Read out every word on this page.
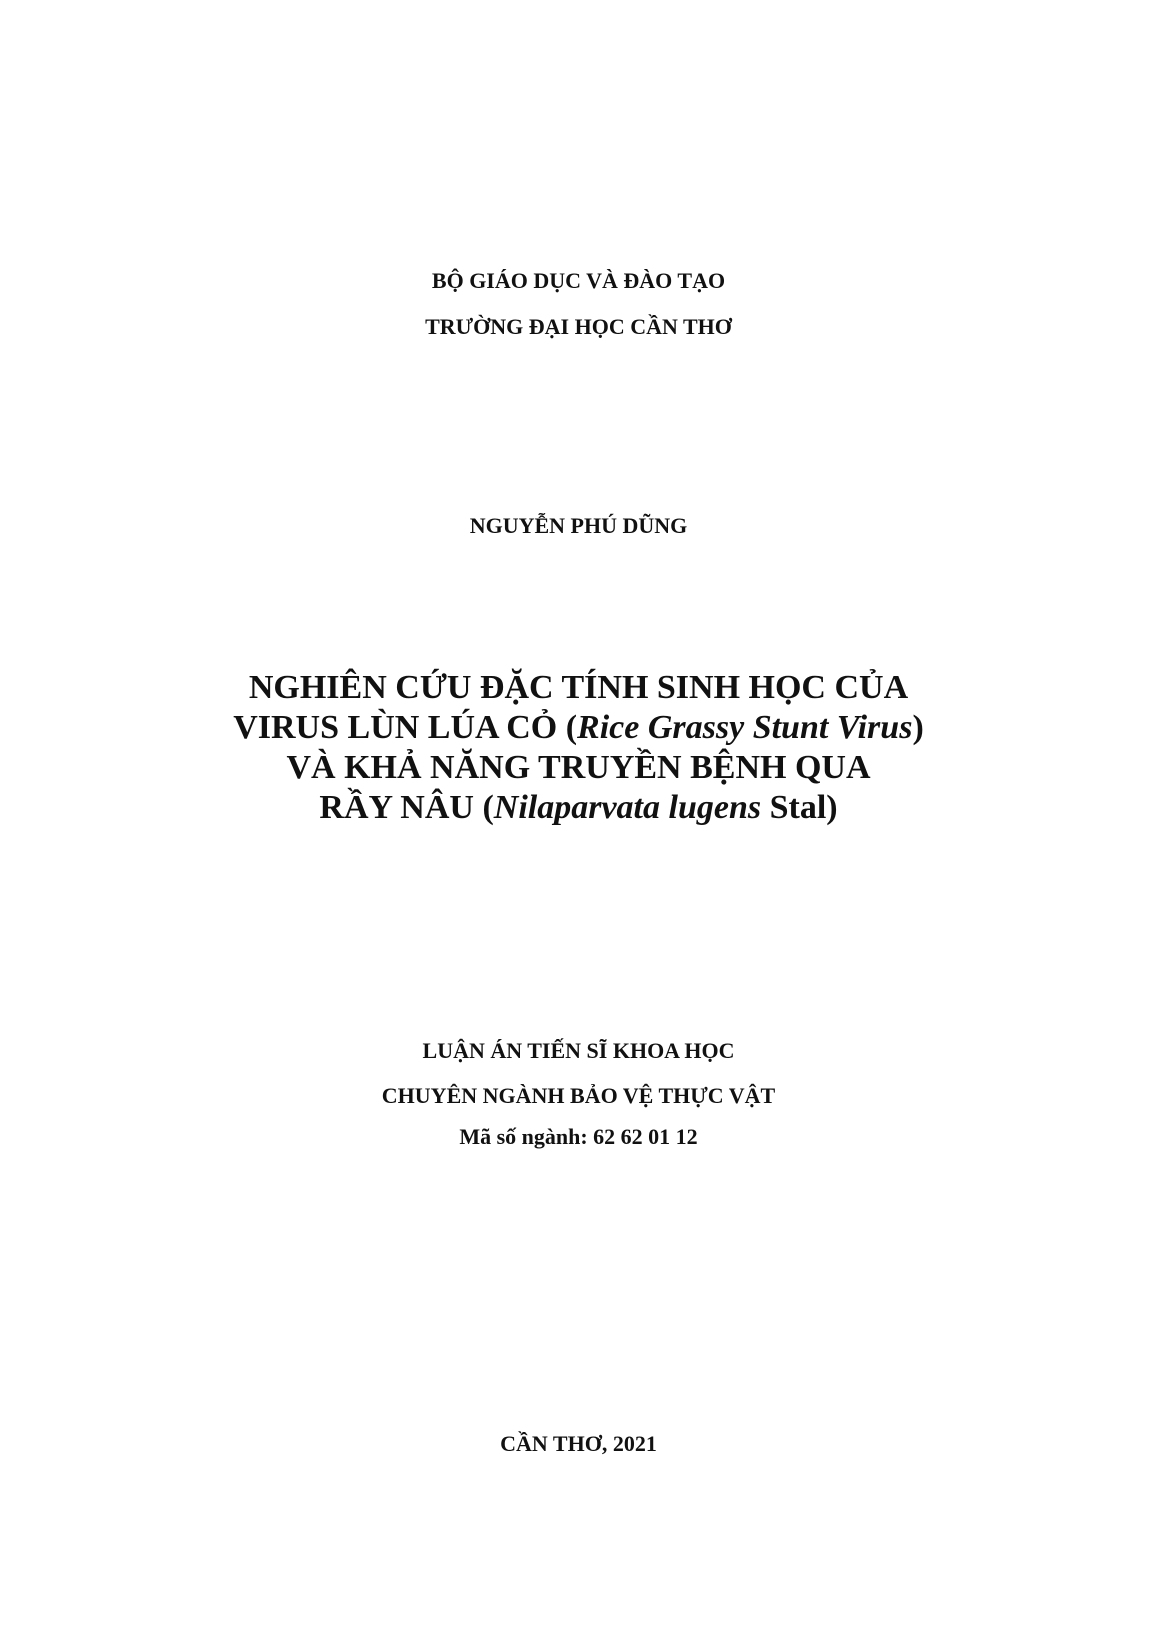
BỘ GIÁO DỤC VÀ ĐÀO TẠO
TRƯỜNG ĐẠI HỌC CẦN THƠ
NGUYỄN PHÚ DŨNG
NGHIÊN CỨU ĐẶC TÍNH SINH HỌC CỦA
VIRUS LÙN LÚA CỎ (Rice Grassy Stunt Virus)
VÀ KHẢ NĂNG TRUYỀN BỆNH QUA
RẦY NÂU (Nilaparvata lugens Stal)
LUẬN ÁN TIẾN SĨ KHOA HỌC
CHUYÊN NGÀNH BẢO VỆ THỰC VẬT
Mã số ngành: 62 62 01 12
CẦN THƠ, 2021
